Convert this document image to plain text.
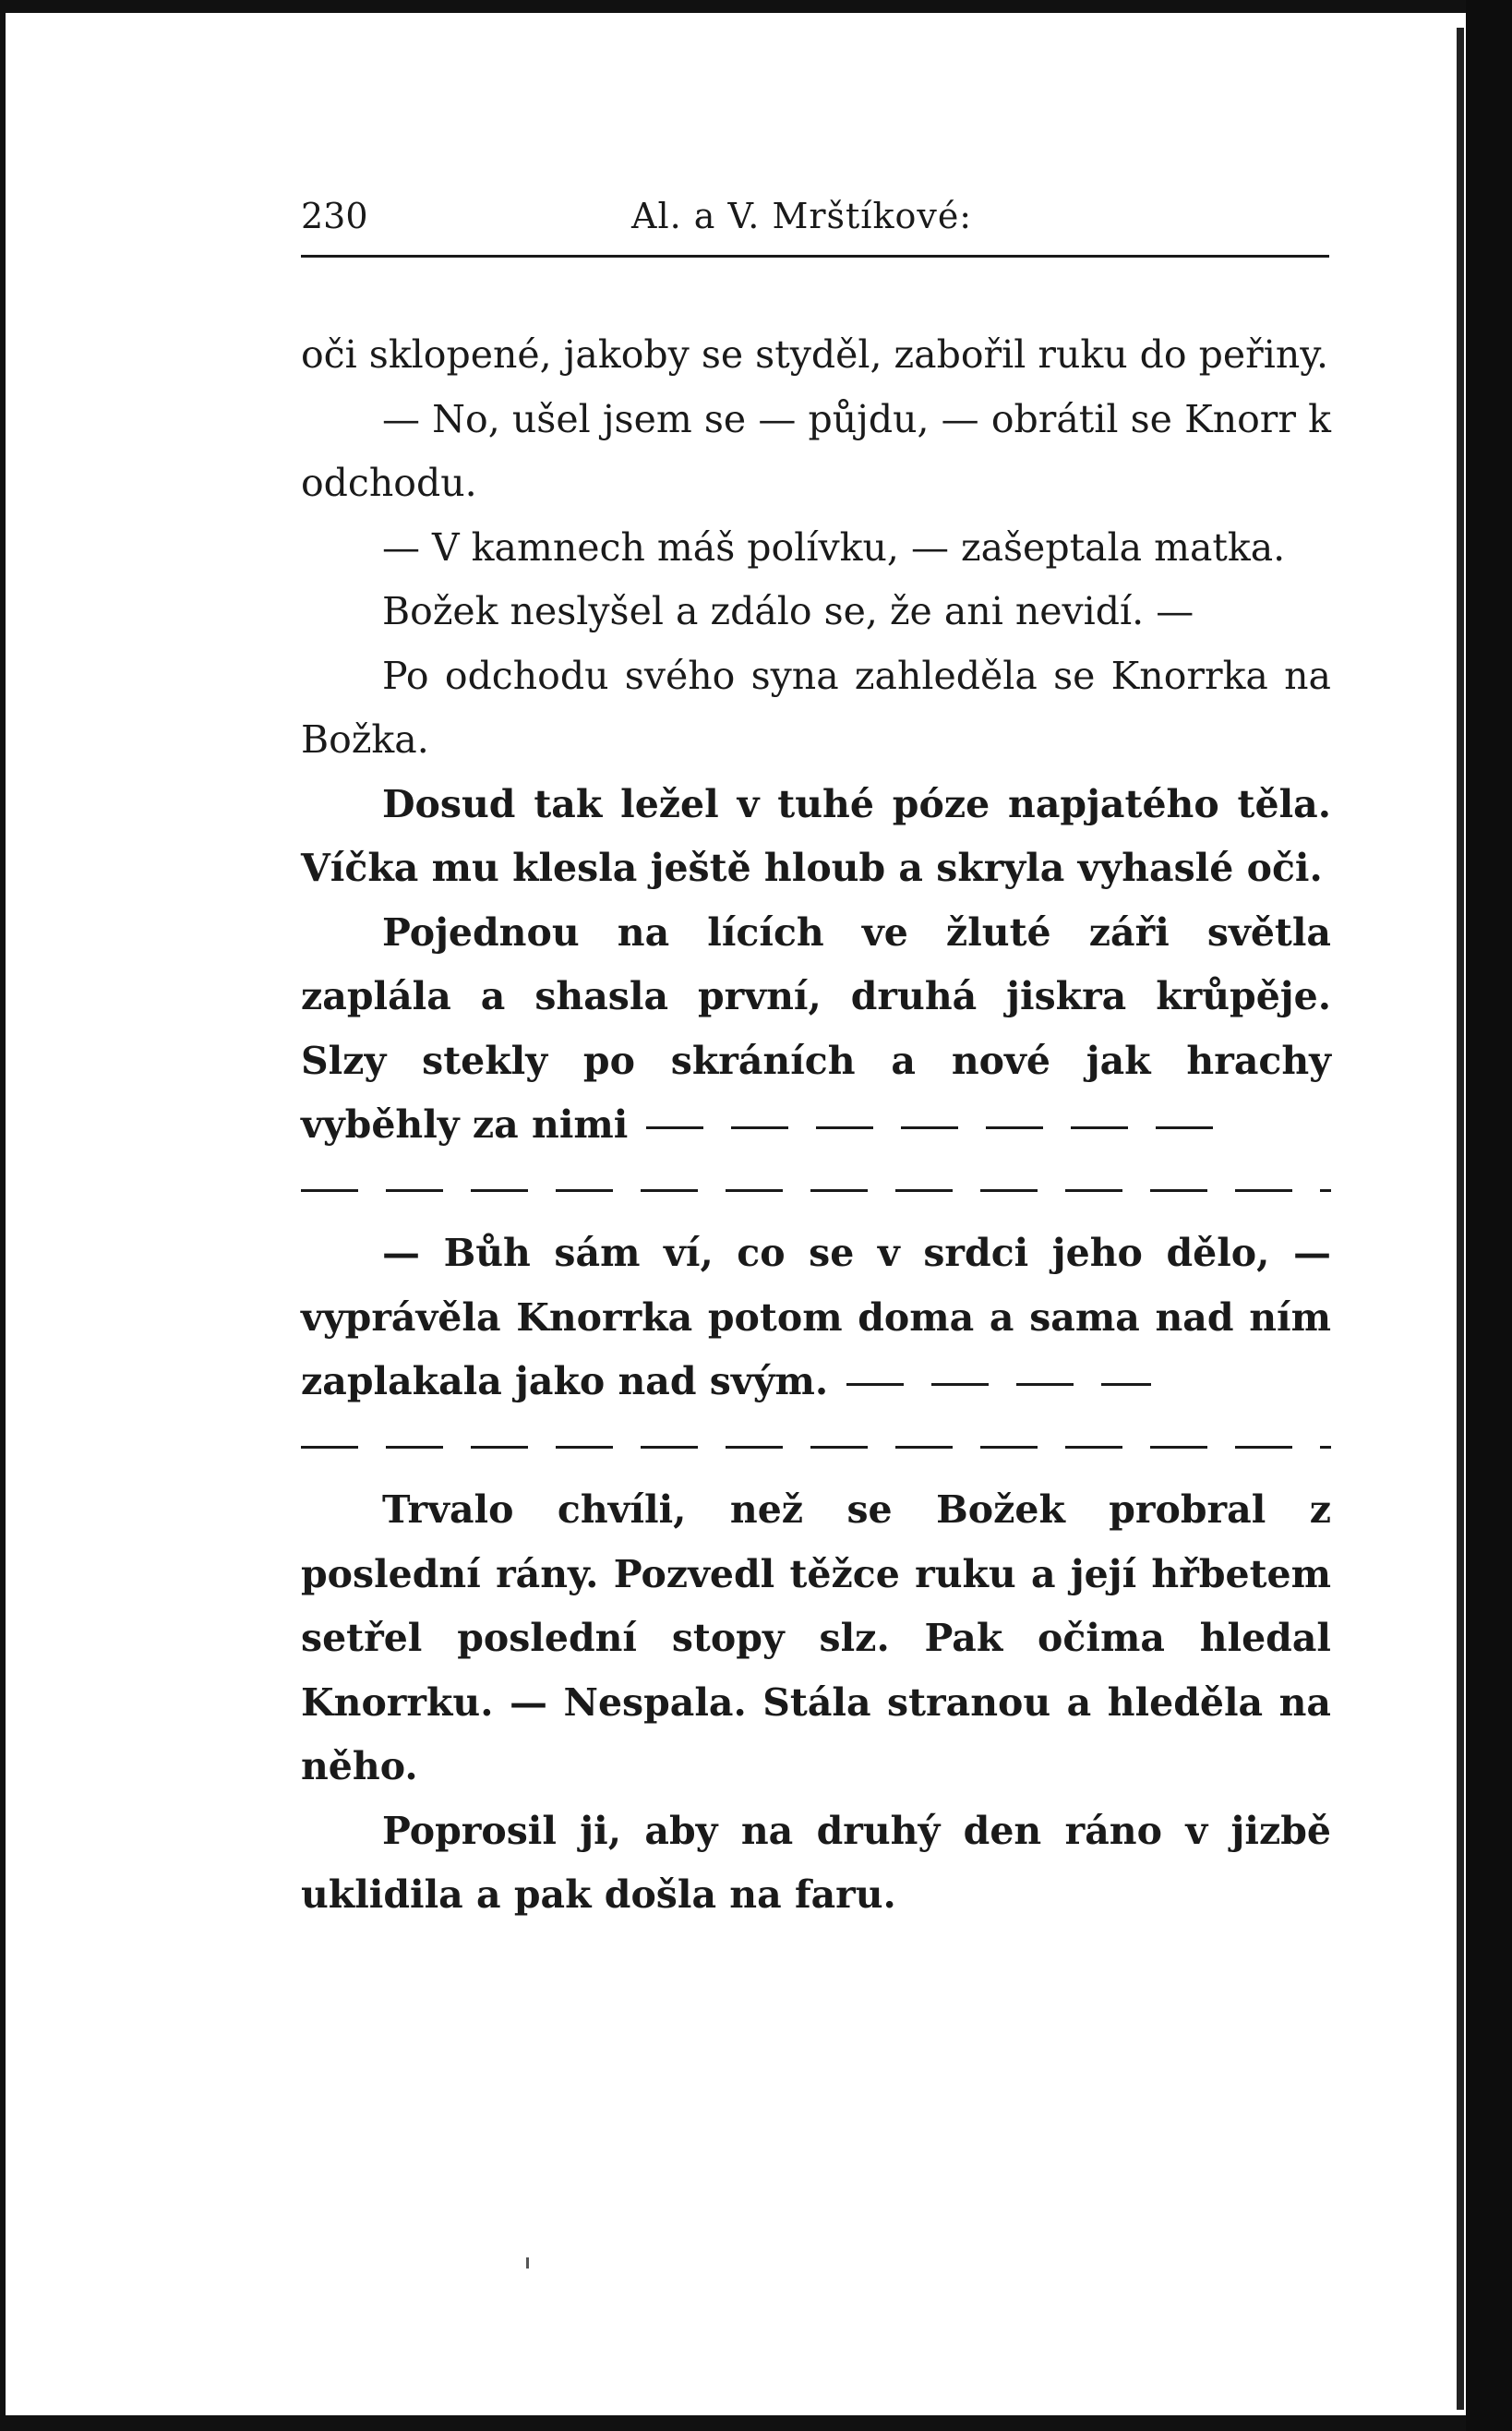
230	Al. a V. Mrštíkové:

oči sklopené, jakoby se styděl, zabořil ruku do peřiny.

— No, ušel jsem se — půjdu, — obrátil se Knorr k odchodu.

— V kamnech máš polívku, — zašeptala matka.

Božek neslyšel a zdálo se, že ani nevidí. —

Po odchodu svého syna zahleděla se Knorrka na Božka.

Dosud tak ležel v tuhé póze napjatého těla. Víčka mu klesla ještě hloub a skryla vyhaslé oči.

Pojednou na lících ve žluté záři světla zaplála a shasla první, druhá jiskra krůpěje. Slzy stekly po skráních a nové jak hrachy vyběhly za nimi

— Bůh sám ví, co se v srdci jeho dělo, — vyprávěla Knorrka potom doma a sama nad ním zaplakala jako nad svým.

Trvalo chvíli, než se Božek probral z poslední rány. Pozvedl těžce ruku a její hřbetem setřel poslední stopy slz. Pak očima hledal Knorrku. — Nespala. Stála stranou a hleděla na něho.

Poprosil ji, aby na druhý den ráno v jizbě uklidila a pak došla na faru.
